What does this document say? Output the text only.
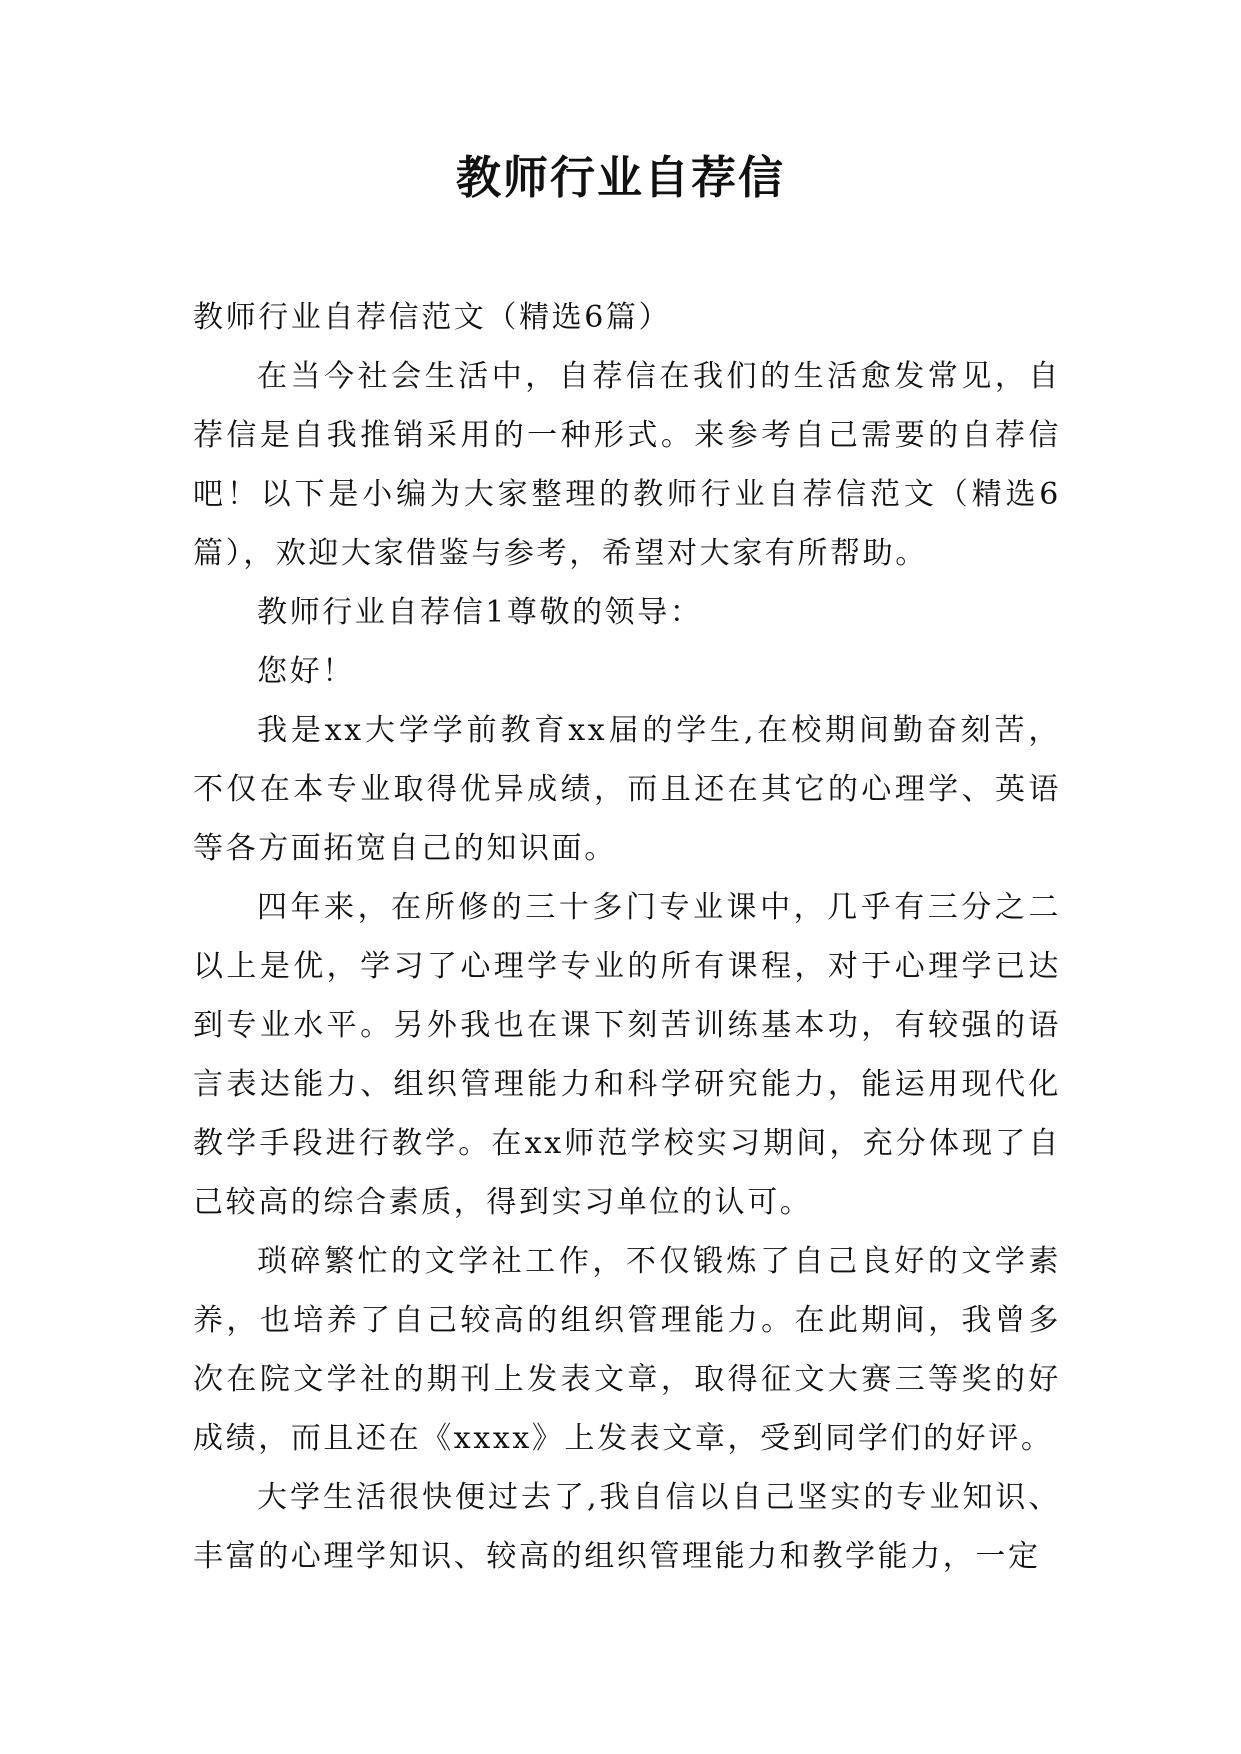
教师行业自荐信

教师行业自荐信范文（精选6篇）

在当今社会生活中，自荐信在我们的生活愈发常见，自荐信是自我推销采用的一种形式。来参考自己需要的自荐信吧！以下是小编为大家整理的教师行业自荐信范文（精选6篇），欢迎大家借鉴与参考，希望对大家有所帮助。

教师行业自荐信1尊敬的领导：

您好！

我是xx大学学前教育xx届的学生,在校期间勤奋刻苦，不仅在本专业取得优异成绩，而且还在其它的心理学、英语等各方面拓宽自己的知识面。

四年来，在所修的三十多门专业课中，几乎有三分之二以上是优，学习了心理学专业的所有课程，对于心理学已达到专业水平。另外我也在课下刻苦训练基本功，有较强的语言表达能力、组织管理能力和科学研究能力，能运用现代化教学手段进行教学。在xx师范学校实习期间，充分体现了自己较高的综合素质，得到实习单位的认可。

琐碎繁忙的文学社工作，不仅锻炼了自己良好的文学素养，也培养了自己较高的组织管理能力。在此期间，我曾多次在院文学社的期刊上发表文章，取得征文大赛三等奖的好成绩，而且还在《xxxx》上发表文章，受到同学们的好评。

大学生活很快便过去了,我自信以自己坚实的专业知识、丰富的心理学知识、较高的组织管理能力和教学能力，一定
